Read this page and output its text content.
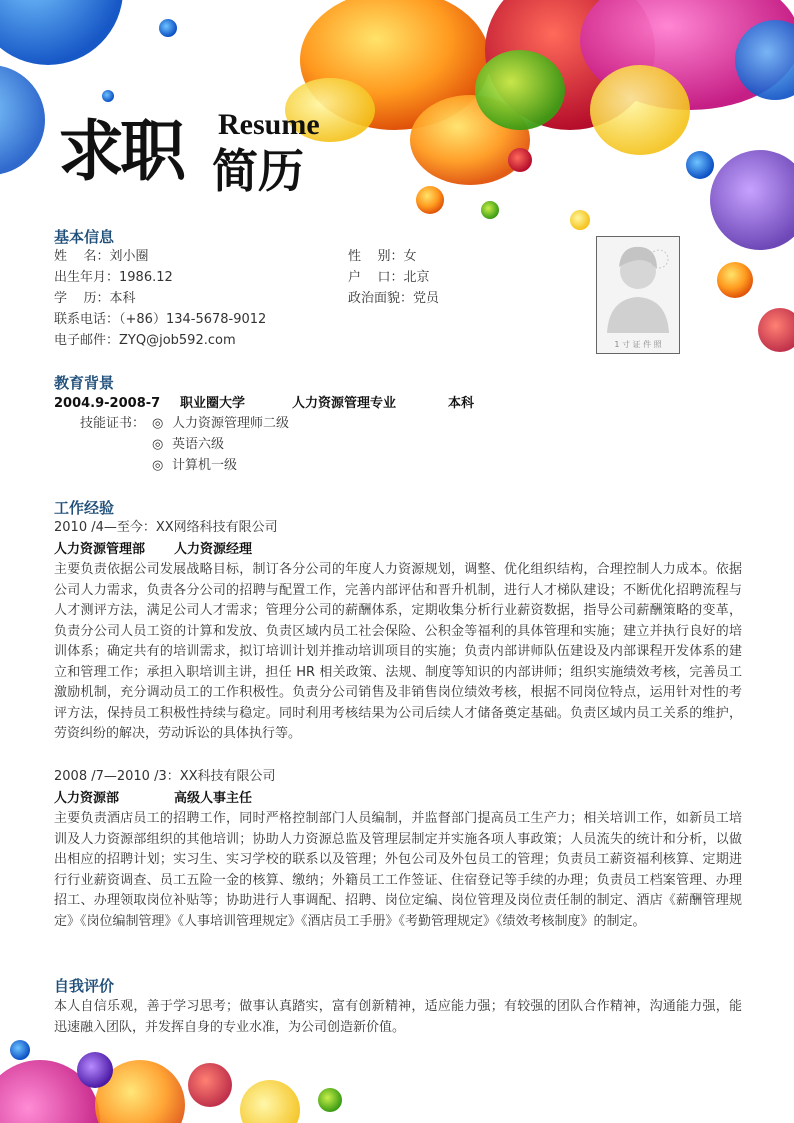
求职 简历
Resume
基本信息
姓    名：刘小圈
出生年月：1986.12
学    历：本科
联系电话：（+86）134-5678-9012
电子邮件：ZYQ@job592.com
性    别：女
户    口：北京
政治面貌：党员
1 寸 证 件 照
教育背景
2004.9-2008-7 职业圈大学	人力资源管理专业	本科
技能证书： ◎ 人力资源管理师二级
◎ 英语六级
◎ 计算机一级
工作经验
2010 /4—至今：XX网络科技有限公司
人力资源管理部 人力资源经理
主要负责依据公司发展战略目标，制订各分公司的年度人力资源规划，调整、优化组织结构，合理控制人力成本。依据公司人力需求，负责各分公司的招聘与配置工作，完善内部评估和晋升机制，进行人才梯队建设；不断优化招聘流程与人才测评方法，满足公司人才需求；管理分公司的薪酬体系，定期收集分析行业薪资数据，指导公司薪酬策略的变革，负责分公司人员工资的计算和发放、负责区域内员工社会保险、公积金等福利的具体管理和实施；建立并执行良好的培训体系；确定共有的培训需求，拟订培训计划并推动培训项目的实施；负责内部讲师队伍建设及内部课程开发体系的建立和管理工作；承担入职培训主讲，担任 HR 相关政策、法规、制度等知识的内部讲师；组织实施绩效考核，完善员工激励机制，充分调动员工的工作积极性。负责分公司销售及非销售岗位绩效考核，根据不同岗位特点，运用针对性的考评方法，保持员工积极性持续与稳定。同时利用考核结果为公司后续人才储备奠定基础。负责区域内员工关系的维护，劳资纠纷的解决，劳动诉讼的具体执行等。
2008 /7—2010 /3：XX科技有限公司
人力资源部	高级人事主任
主要负责酒店员工的招聘工作，同时严格控制部门人员编制，并监督部门提高员工生产力；相关培训工作，如新员工培训及人力资源部组织的其他培训；协助人力资源总监及管理层制定并实施各项人事政策；人员流失的统计和分析，以做出相应的招聘计划；实习生、实习学校的联系以及管理；外包公司及外包员工的管理；负责员工薪资福利核算、定期进行行业薪资调查、员工五险一金的核算、缴纳；外籍员工工作签证、住宿登记等手续的办理；负责员工档案管理、办理招工、办理领取岗位补贴等；协助进行人事调配、招聘、岗位定编、岗位管理及岗位责任制的制定、酒店《薪酬管理规定》《岗位编制管理》《人事培训管理规定》《酒店员工手册》《考勤管理规定》《绩效考核制度》的制定。
自我评价
本人自信乐观，善于学习思考；做事认真踏实，富有创新精神，适应能力强；有较强的团队合作精神，沟通能力强，能迅速融入团队，并发挥自身的专业水准，为公司创造新价值。
